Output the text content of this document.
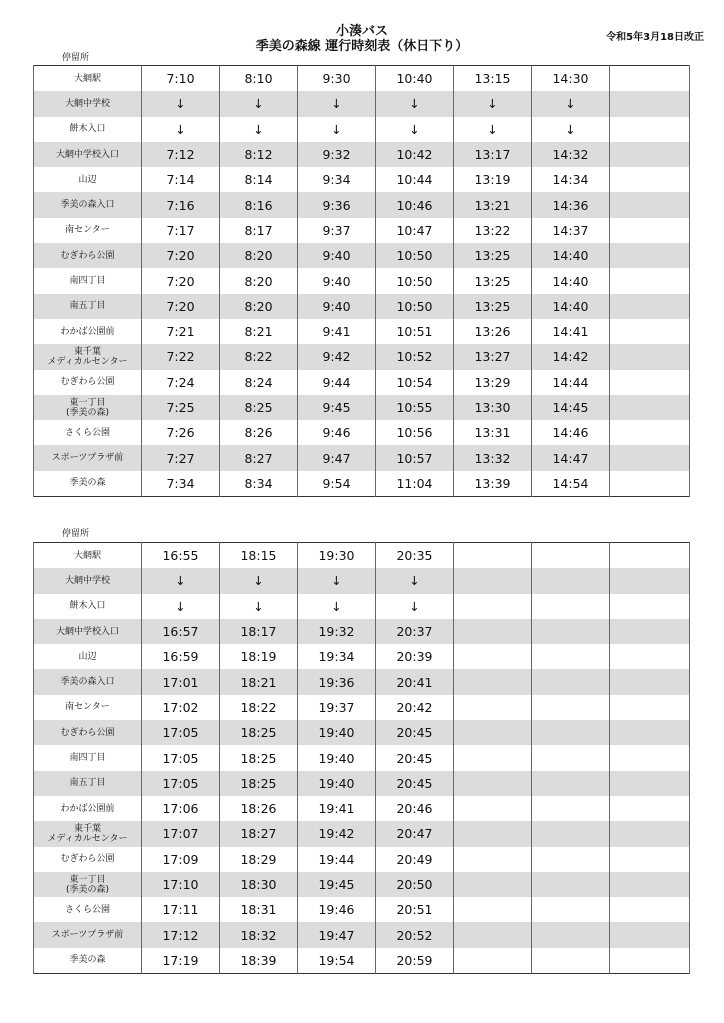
小湊バス
季美の森線 運行時刻表（休日下り）
令和5年3月18日改正
停留所
大網駅	7:10	8:10	9:30	10:40	13:15	14:30	
大網中学校	↓	↓	↓	↓	↓	↓	
餅木入口	↓	↓	↓	↓	↓	↓	
大網中学校入口	7:12	8:12	9:32	10:42	13:17	14:32	
山辺	7:14	8:14	9:34	10:44	13:19	14:34	
季美の森入口	7:16	8:16	9:36	10:46	13:21	14:36	
南センター	7:17	8:17	9:37	10:47	13:22	14:37	
むぎわら公園	7:20	8:20	9:40	10:50	13:25	14:40	
南四丁目	7:20	8:20	9:40	10:50	13:25	14:40	
南五丁目	7:20	8:20	9:40	10:50	13:25	14:40	
わかば公園前	7:21	8:21	9:41	10:51	13:26	14:41	
東千葉
メディカルセンター	7:22	8:22	9:42	10:52	13:27	14:42	
むぎわら公園	7:24	8:24	9:44	10:54	13:29	14:44	
東一丁目
(季美の森)	7:25	8:25	9:45	10:55	13:30	14:45	
さくら公園	7:26	8:26	9:46	10:56	13:31	14:46	
スポーツプラザ前	7:27	8:27	9:47	10:57	13:32	14:47	
季美の森	7:34	8:34	9:54	11:04	13:39	14:54	
停留所
大網駅	16:55	18:15	19:30	20:35			
大網中学校	↓	↓	↓	↓			
餅木入口	↓	↓	↓	↓			
大網中学校入口	16:57	18:17	19:32	20:37			
山辺	16:59	18:19	19:34	20:39			
季美の森入口	17:01	18:21	19:36	20:41			
南センター	17:02	18:22	19:37	20:42			
むぎわら公園	17:05	18:25	19:40	20:45			
南四丁目	17:05	18:25	19:40	20:45			
南五丁目	17:05	18:25	19:40	20:45			
わかば公園前	17:06	18:26	19:41	20:46			
東千葉
メディカルセンター	17:07	18:27	19:42	20:47			
むぎわら公園	17:09	18:29	19:44	20:49			
東一丁目
(季美の森)	17:10	18:30	19:45	20:50			
さくら公園	17:11	18:31	19:46	20:51			
スポーツプラザ前	17:12	18:32	19:47	20:52			
季美の森	17:19	18:39	19:54	20:59			
